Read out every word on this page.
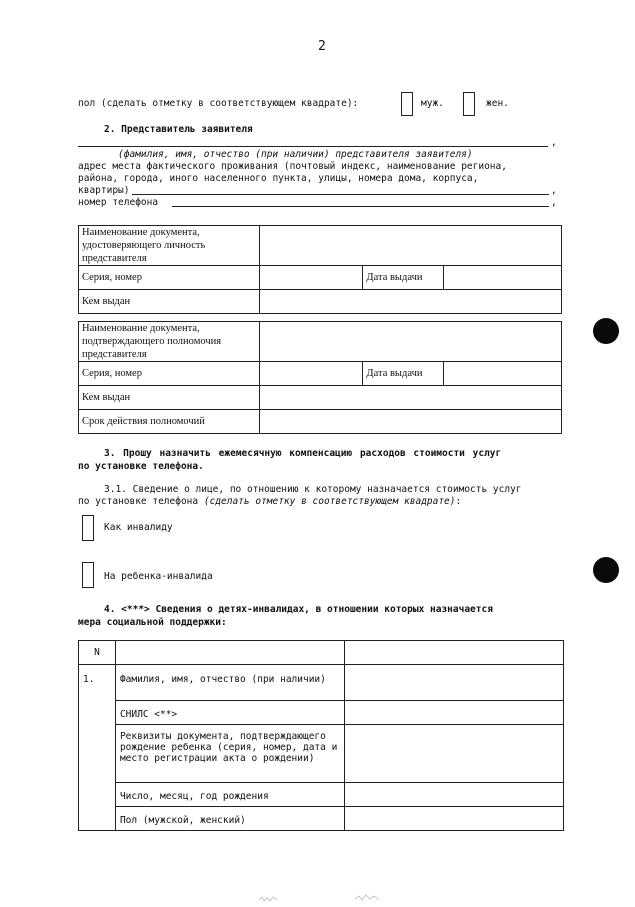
2
пол (сделать отметку в соответствующем квадрате):	муж.	жен.
2. Представитель заявителя
,
(фамилия, имя, отчество (при наличии) представителя заявителя)
адрес места фактического проживания (почтовый индекс, наименование региона,
района, города, иного населенного пункта, улицы, номера дома, корпуса,
квартиры)	,
номер телефона	,
Наименование документа, удостоверяющего личность представителя			
Серия, номер		Дата выдачи	
Кем выдан			
Наименование документа, подтверждающего полномочия представителя			
Серия, номер		Дата выдачи	
Кем выдан			
Срок действия полномочий			
3. Прошу назначить ежемесячную компенсацию расходов стоимости услуг
по установке телефона.
3.1. Сведение о лице, по отношению к которому назначается стоимость услуг
по установке телефона (сделать отметку в соответствующем квадрате):
Как инвалиду
На ребенка-инвалида
4. <***> Сведения о детях-инвалидах, в отношении которых назначается
мера социальной поддержки:
N		
1.	Фамилия, имя, отчество (при наличии)	
	СНИЛС <**>	
	Реквизиты документа, подтверждающего рождение ребенка (серия, номер, дата и место регистрации акта о рождении)	
	Число, месяц, год рождения	
	Пол (мужской, женский)	
